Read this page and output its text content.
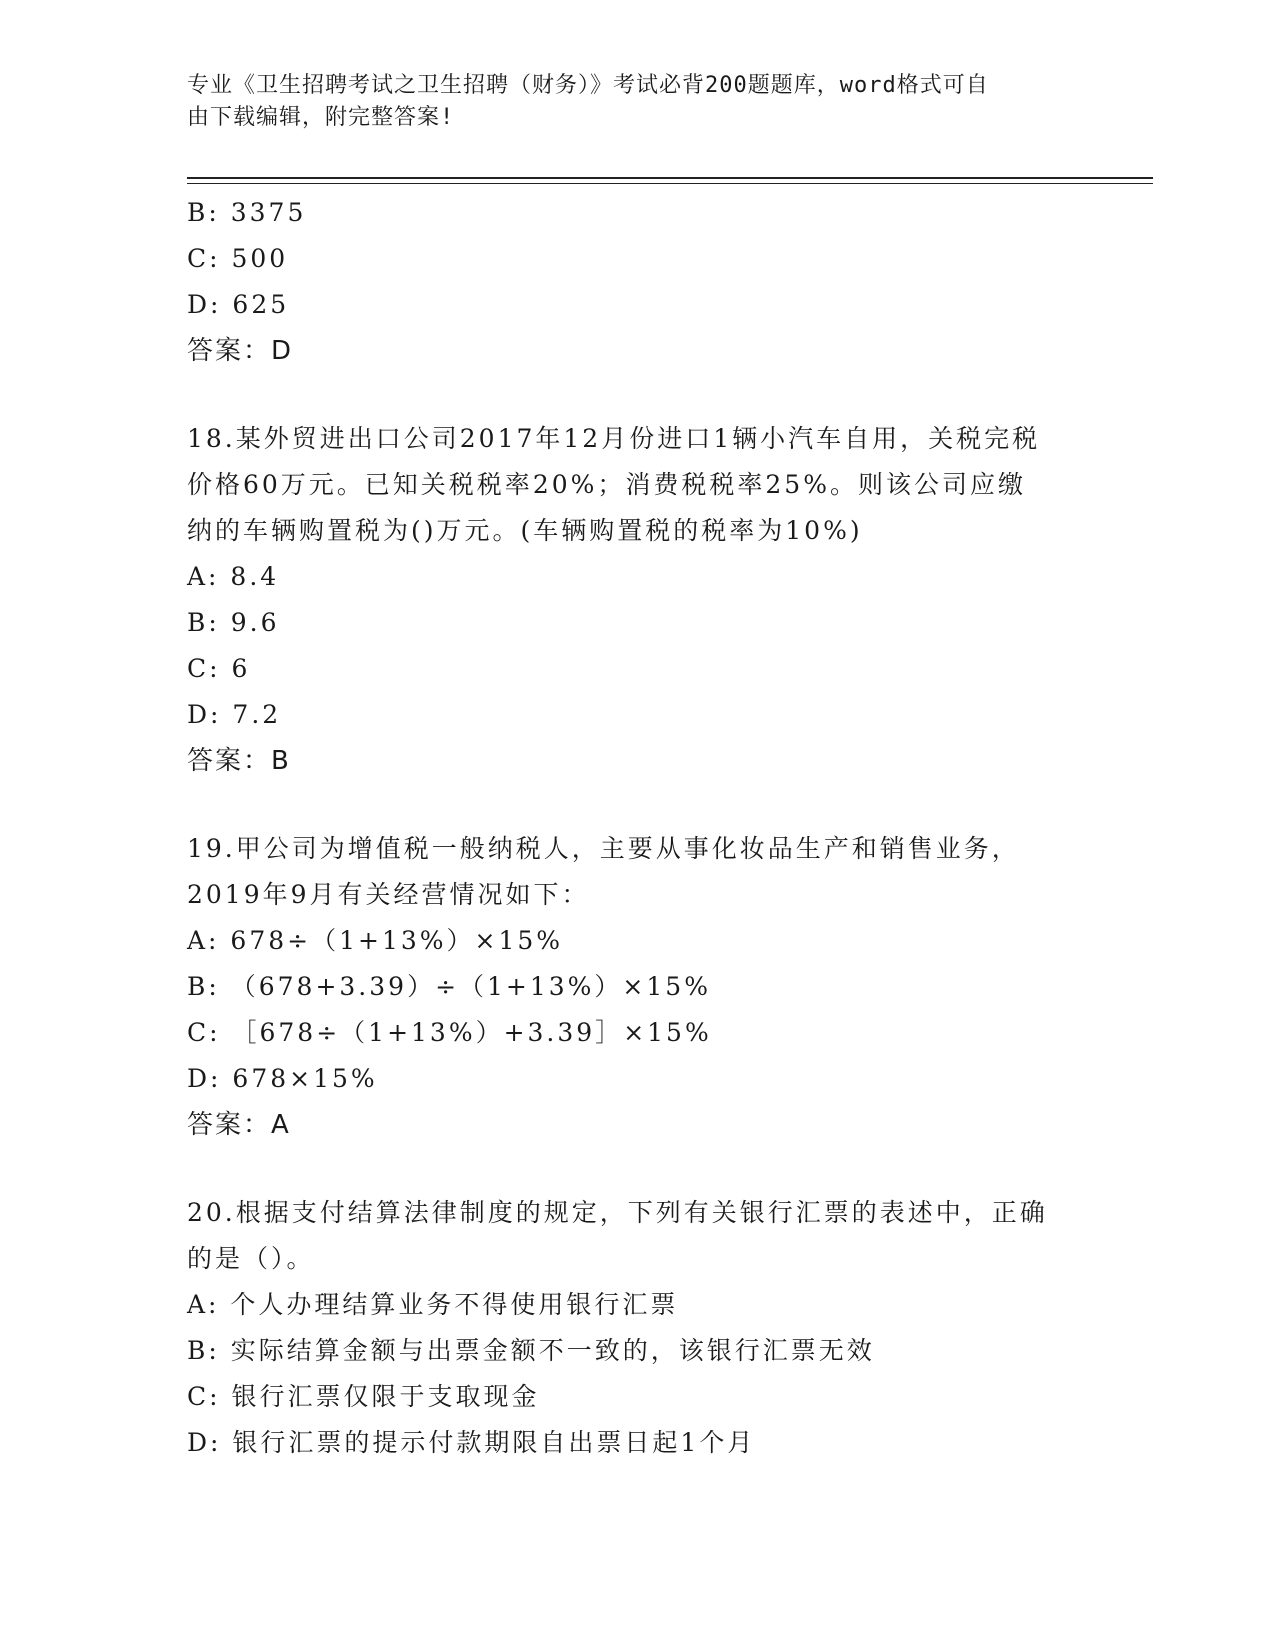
专业《卫生招聘考试之卫生招聘（财务）》考试必背200题题库，word格式可自
由下载编辑，附完整答案!
B: 3375
C: 500
D: 625
答案：D
18.某外贸进出口公司2017年12月份进口1辆小汽车自用，关税完税
价格60万元。已知关税税率20%；消费税税率25%。则该公司应缴
纳的车辆购置税为()万元。(车辆购置税的税率为10%)
A: 8.4
B: 9.6
C: 6
D: 7.2
答案：B
19.甲公司为增值税一般纳税人，主要从事化妆品生产和销售业务，
2019年9月有关经营情况如下：
A: 678÷（1+13%）×15%
B: （678+3.39）÷（1+13%）×15%
C: ［678÷（1+13%）+3.39］×15%
D: 678×15%
答案：A
20.根据支付结算法律制度的规定，下列有关银行汇票的表述中，正确
的是（）。
A: 个人办理结算业务不得使用银行汇票
B: 实际结算金额与出票金额不一致的，该银行汇票无效
C: 银行汇票仅限于支取现金
D: 银行汇票的提示付款期限自出票日起1个月
